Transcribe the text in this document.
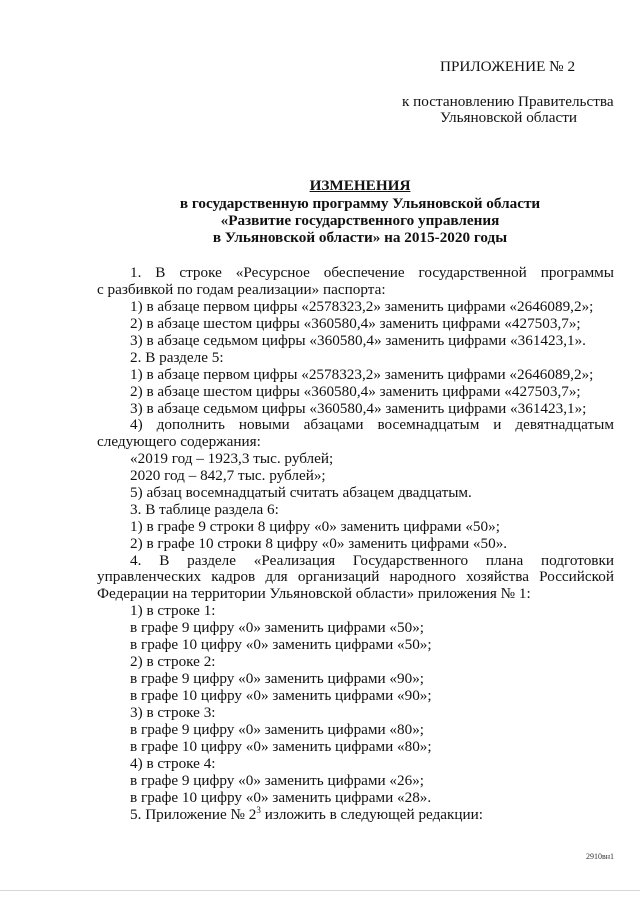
ПРИЛОЖЕНИЕ № 2
к постановлению Правительства
Ульяновской области
ИЗМЕНЕНИЯ
в государственную программу Ульяновской области
«Развитие государственного управления
в Ульяновской области» на 2015-2020 годы
1. В строке «Ресурсное обеспечение государственной программы
с разбивкой по годам реализации» паспорта:
1) в абзаце первом цифры «2578323,2» заменить цифрами «2646089,2»;
2) в абзаце шестом цифры «360580,4» заменить цифрами «427503,7»;
3) в абзаце седьмом цифры «360580,4» заменить цифрами «361423,1».
2. В разделе 5:
1) в абзаце первом цифры «2578323,2» заменить цифрами «2646089,2»;
2) в абзаце шестом цифры «360580,4» заменить цифрами «427503,7»;
3) в абзаце седьмом цифры «360580,4» заменить цифрами «361423,1»;
4) дополнить новыми абзацами восемнадцатым и девятнадцатым
следующего содержания:
«2019 год – 1923,3 тыс. рублей;
2020 год – 842,7 тыс. рублей»;
5) абзац восемнадцатый считать абзацем двадцатым.
3. В таблице раздела 6:
1) в графе 9 строки 8 цифру «0» заменить цифрами «50»;
2) в графе 10 строки 8 цифру «0» заменить цифрами «50».
4. В разделе «Реализация Государственного плана подготовки
управленческих кадров для организаций народного хозяйства Российской
Федерации на территории Ульяновской области» приложения № 1:
1) в строке 1:
в графе 9 цифру «0» заменить цифрами «50»;
в графе 10 цифру «0» заменить цифрами «50»;
2) в строке 2:
в графе 9 цифру «0» заменить цифрами «90»;
в графе 10 цифру «0» заменить цифрами «90»;
3) в строке 3:
в графе 9 цифру «0» заменить цифрами «80»;
в графе 10 цифру «0» заменить цифрами «80»;
4) в строке 4:
в графе 9 цифру «0» заменить цифрами «26»;
в графе 10 цифру «0» заменить цифрами «28».
5. Приложение № $2^3$ изложить в следующей редакции:
2910вн1
